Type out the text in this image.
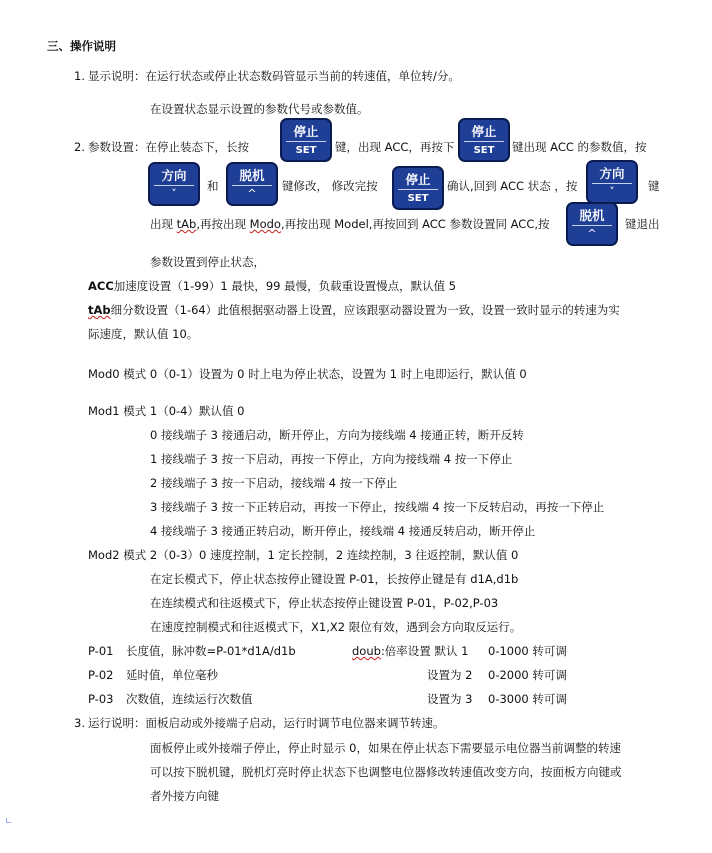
三、操作说明
1. 显示说明：在运行状态或停止状态数码管显示当前的转速值，单位转/分。
在设置状态显示设置的参数代号或参数值。
2. 参数设置：在停止装态下，长按
停止
SET	键，出现 ACC，再按下
停止
SET	键出现 ACC 的参数值，按
方向
˅
和
脱机
^
键修改， 修改完按	停止
SET
确认,回到 ACC 状态 ，按
方向
˅	键
出现 tAb,再按出现 Modo,再按出现 Model,再按回到 ACC 参数设置同 ACC,按
脱机
^
键退出
参数设置到停止状态，
ACC加速度设置（1-99）1 最快，99 最慢，负载重设置慢点，默认值 5
tAb细分数设置（1-64）此值根据驱动器上设置，应该跟驱动器设置为一致，设置一致时显示的转速为实
际速度，默认值 10。
Mod0 模式 0（0-1）设置为 0 时上电为停止状态，设置为 1 时上电即运行，默认值 0
Mod1 模式 1（0-4）默认值 0
0 接线端子 3 接通启动，断开停止，方向为接线端 4 接通正转，断开反转
1 接线端子 3 按一下启动，再按一下停止，方向为接线端 4 按一下停止
2 接线端子 3 按一下启动，接线端 4 按一下停止
3 接线端子 3 按一下正转启动，再按一下停止，按线端 4 按一下反转启动，再按一下停止
4 接线端子 3 接通正转启动，断开停止，接线端 4 接通反转启动，断开停止
Mod2 模式 2（0-3）0 速度控制，1 定长控制，2 连续控制，3 往返控制，默认值 0
在定长模式下，停止状态按停止键设置 P-01，长按停止键是有 d1A,d1b
在连续模式和往返模式下，停止状态按停止键设置 P-01，P-02,P-03
在速度控制模式和往返模式下，X1,X2 限位有效，遇到会方向取反运行。
P-01 长度值，脉冲数=P-01*d1A/d1b	doub:倍率设置 默认 1 0-1000 转可调
P-02 延时值，单位毫秒	设置为 2 0-2000 转可调
P-03 次数值，连续运行次数值	设置为 3 0-3000 转可调
3. 运行说明：面板启动或外接端子启动，运行时调节电位器来调节转速。
面板停止或外接端子停止，停止时显示 0，如果在停止状态下需要显示电位器当前调整的转速
可以按下脱机键，脱机灯亮时停止状态下也调整电位器修改转速值改变方向，按面板方向键或
者外接方向键
